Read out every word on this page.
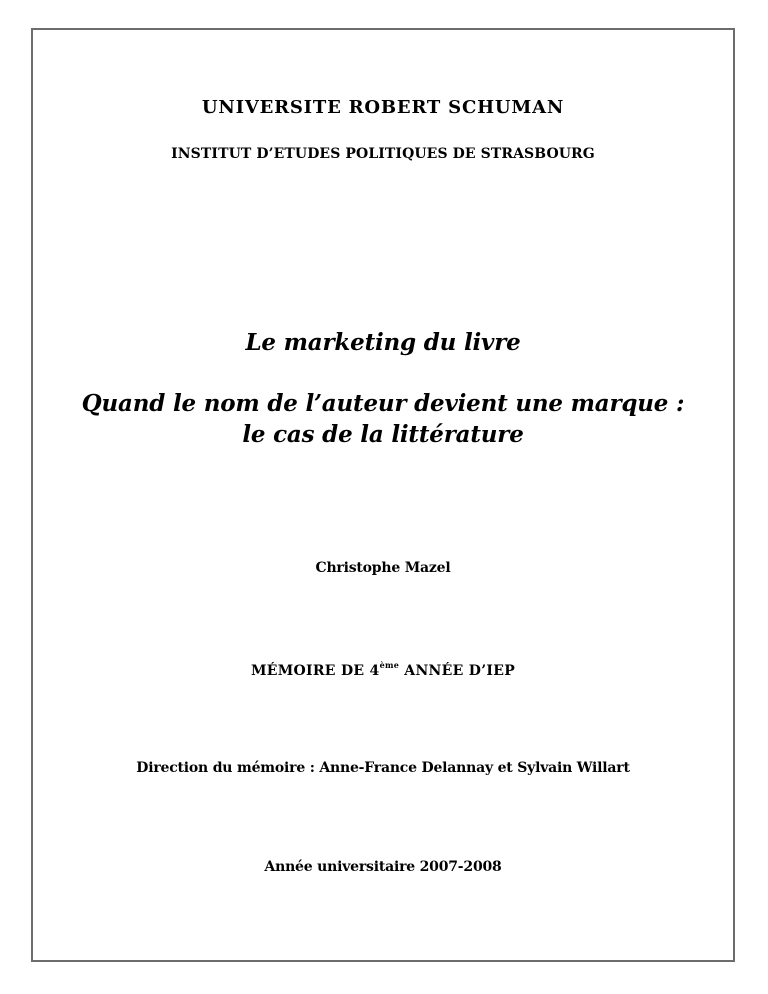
UNIVERSITE ROBERT SCHUMAN
INSTITUT D’ETUDES POLITIQUES DE STRASBOURG
Le marketing du livre
Quand le nom de l’auteur devient une marque :
le cas de la littérature
Christophe Mazel
MÉMOIRE DE 4ème ANNÉE D’IEP
Direction du mémoire : Anne-France Delannay et Sylvain Willart
Année universitaire 2007-2008
